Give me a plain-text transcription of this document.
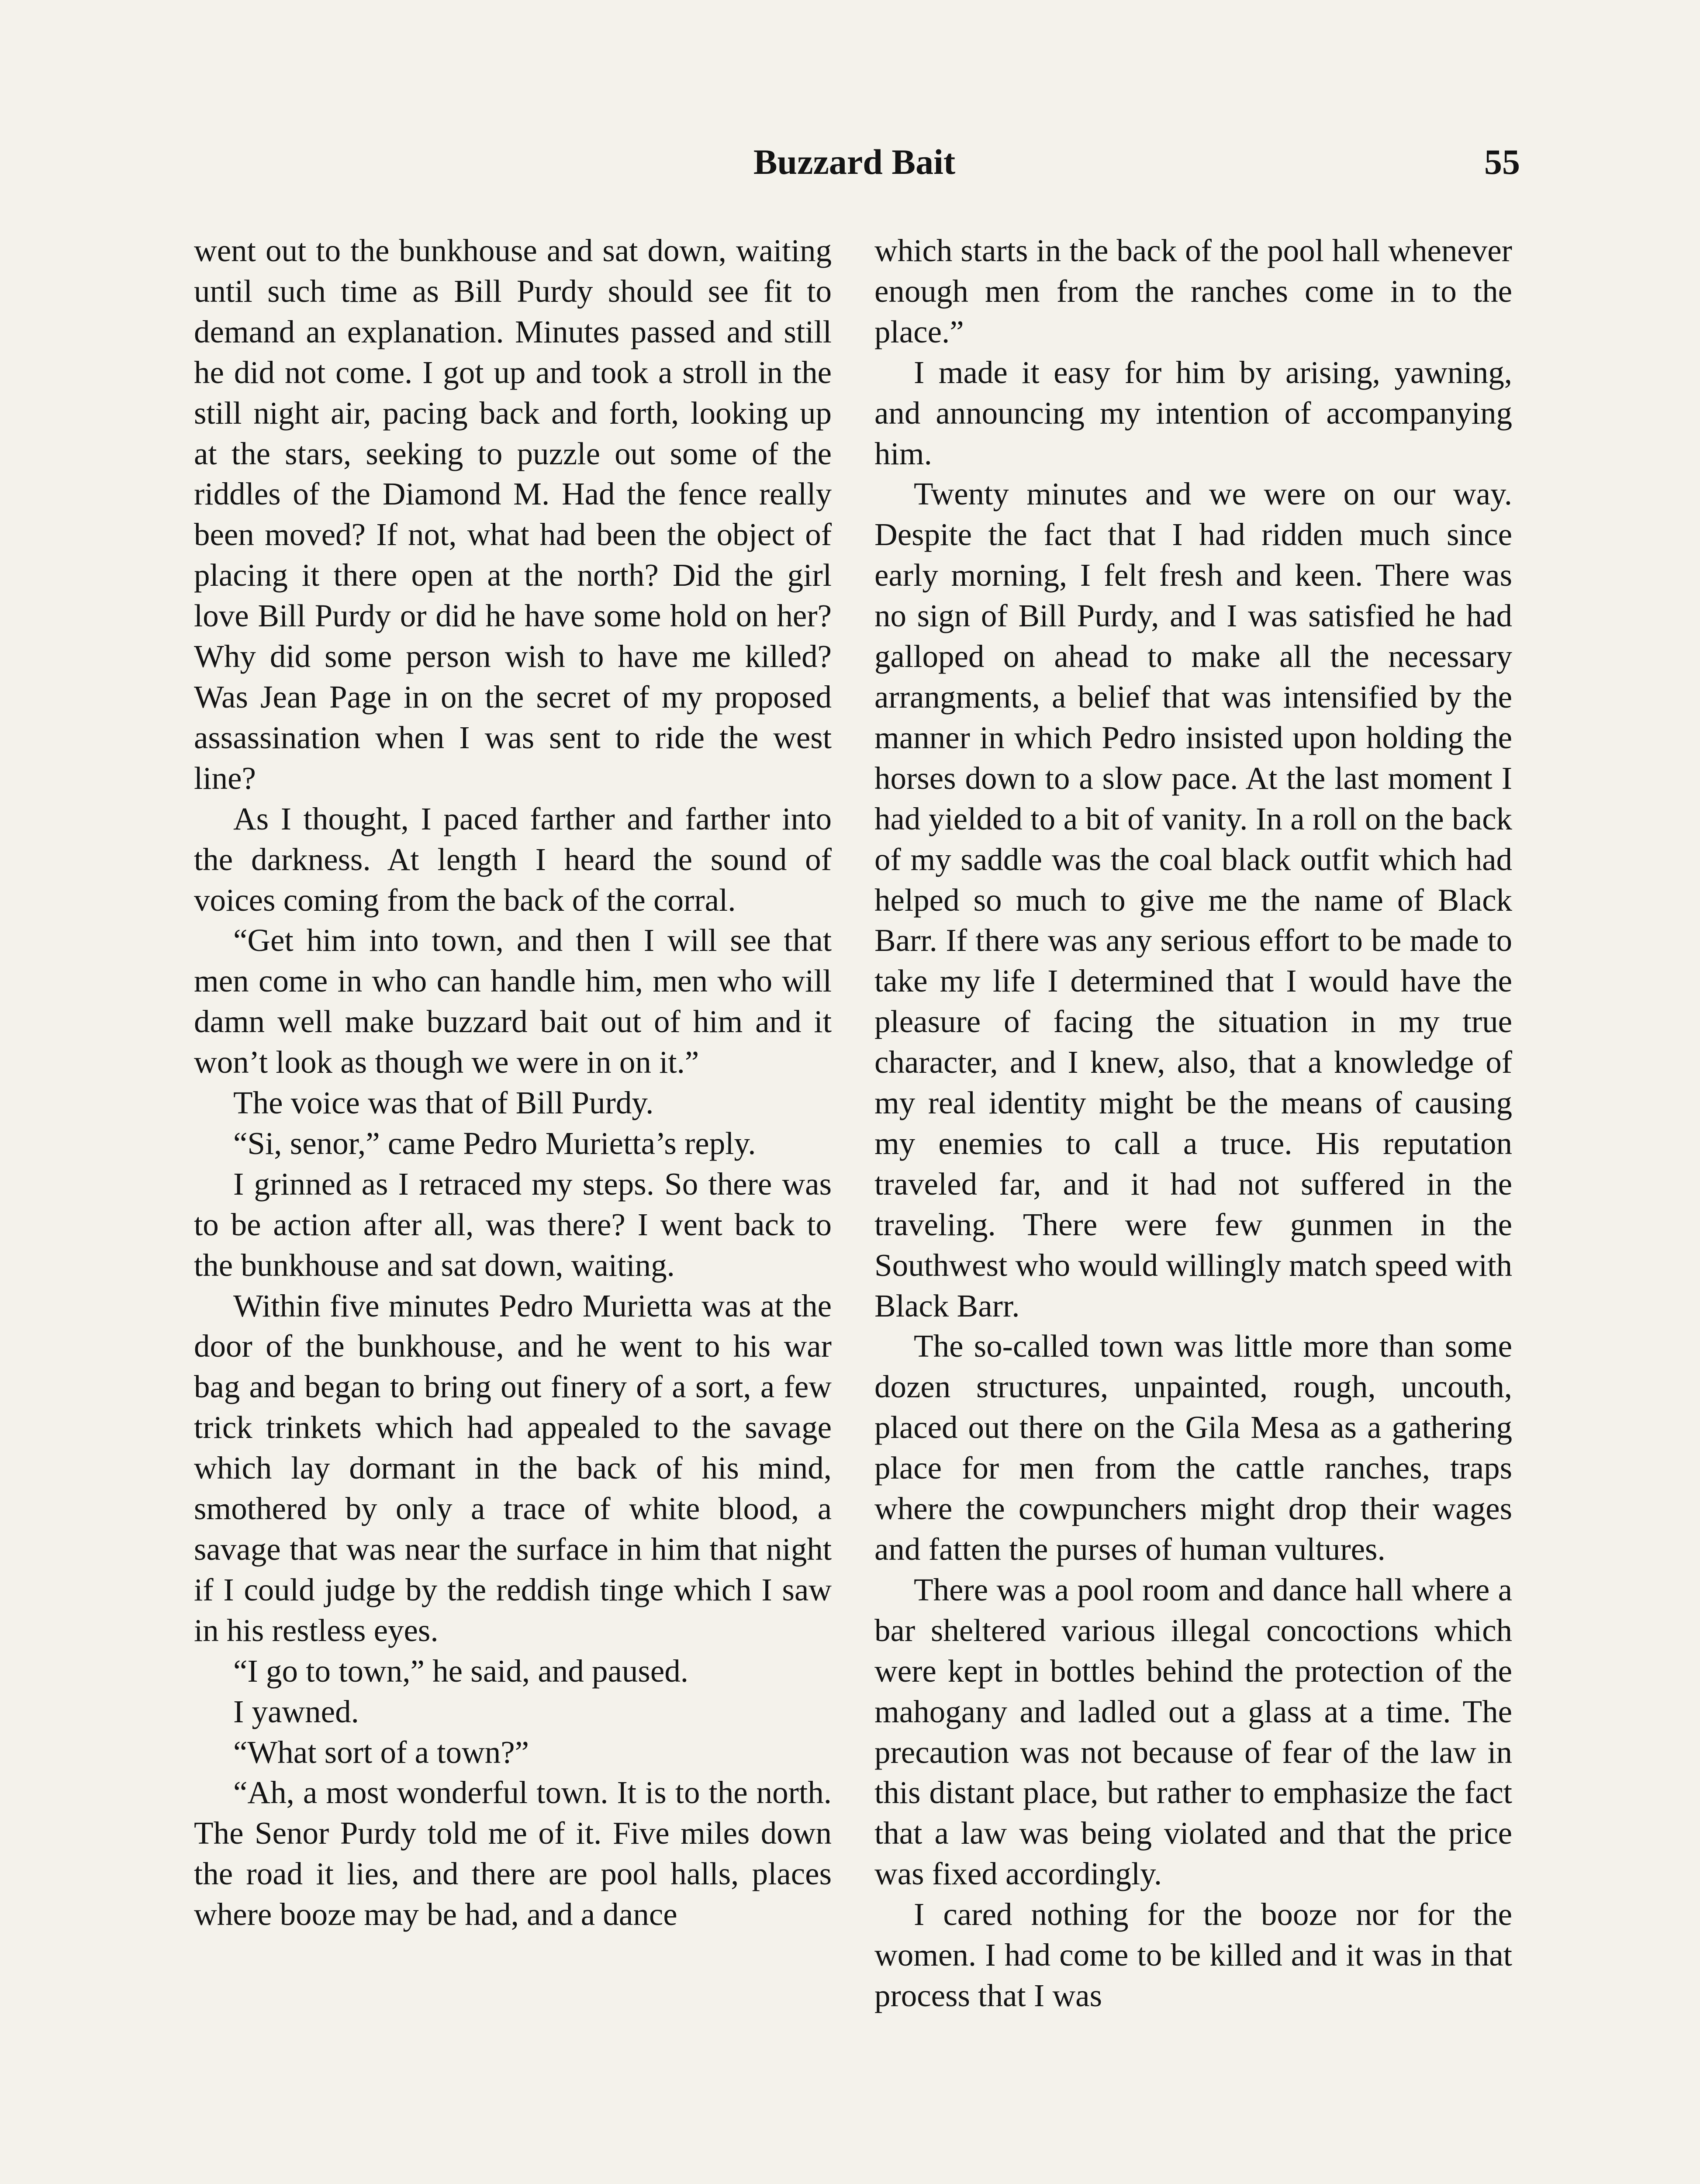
Buzzard Bait	55

went out to the bunkhouse and sat down, waiting until such time as Bill Purdy should see fit to demand an explanation. Minutes passed and still he did not come. I got up and took a stroll in the still night air, pacing back and forth, looking up at the stars, seeking to puzzle out some of the riddles of the Diamond M. Had the fence really been moved? If not, what had been the object of placing it there open at the north? Did the girl love Bill Purdy or did he have some hold on her? Why did some person wish to have me killed? Was Jean Page in on the secret of my proposed assassination when I was sent to ride the west line?

As I thought, I paced farther and farther into the darkness. At length I heard the sound of voices coming from the back of the corral.

“Get him into town, and then I will see that men come in who can handle him, men who will damn well make buzzard bait out of him and it won’t look as though we were in on it.”

The voice was that of Bill Purdy.

“Si, senor,” came Pedro Murietta’s reply.

I grinned as I retraced my steps. So there was to be action after all, was there? I went back to the bunkhouse and sat down, waiting.

Within five minutes Pedro Murietta was at the door of the bunkhouse, and he went to his war bag and began to bring out finery of a sort, a few trick trinkets which had appealed to the savage which lay dormant in the back of his mind, smothered by only a trace of white blood, a savage that was near the surface in him that night if I could judge by the reddish tinge which I saw in his restless eyes.

“I go to town,” he said, and paused.

I yawned.

“What sort of a town?”

“Ah, a most wonderful town. It is to the north. The Senor Purdy told me of it. Five miles down the road it lies, and there are pool halls, places where booze may be had, and a dance

which starts in the back of the pool hall whenever enough men from the ranches come in to the place.”

I made it easy for him by arising, yawning, and announcing my intention of accompanying him.

Twenty minutes and we were on our way. Despite the fact that I had ridden much since early morning, I felt fresh and keen. There was no sign of Bill Purdy, and I was satisfied he had galloped on ahead to make all the necessary arrangments, a belief that was intensified by the manner in which Pedro insisted upon holding the horses down to a slow pace. At the last moment I had yielded to a bit of vanity. In a roll on the back of my saddle was the coal black outfit which had helped so much to give me the name of Black Barr. If there was any serious effort to be made to take my life I determined that I would have the pleasure of facing the situation in my true character, and I knew, also, that a knowledge of my real identity might be the means of causing my enemies to call a truce. His reputation traveled far, and it had not suffered in the traveling. There were few gunmen in the Southwest who would willingly match speed with Black Barr.

The so-called town was little more than some dozen structures, unpainted, rough, uncouth, placed out there on the Gila Mesa as a gathering place for men from the cattle ranches, traps where the cowpunchers might drop their wages and fatten the purses of human vultures.

There was a pool room and dance hall where a bar sheltered various illegal concoctions which were kept in bottles behind the protection of the mahogany and ladled out a glass at a time. The precaution was not because of fear of the law in this distant place, but rather to emphasize the fact that a law was being violated and that the price was fixed accordingly.

I cared nothing for the booze nor for the women. I had come to be killed and it was in that process that I was
